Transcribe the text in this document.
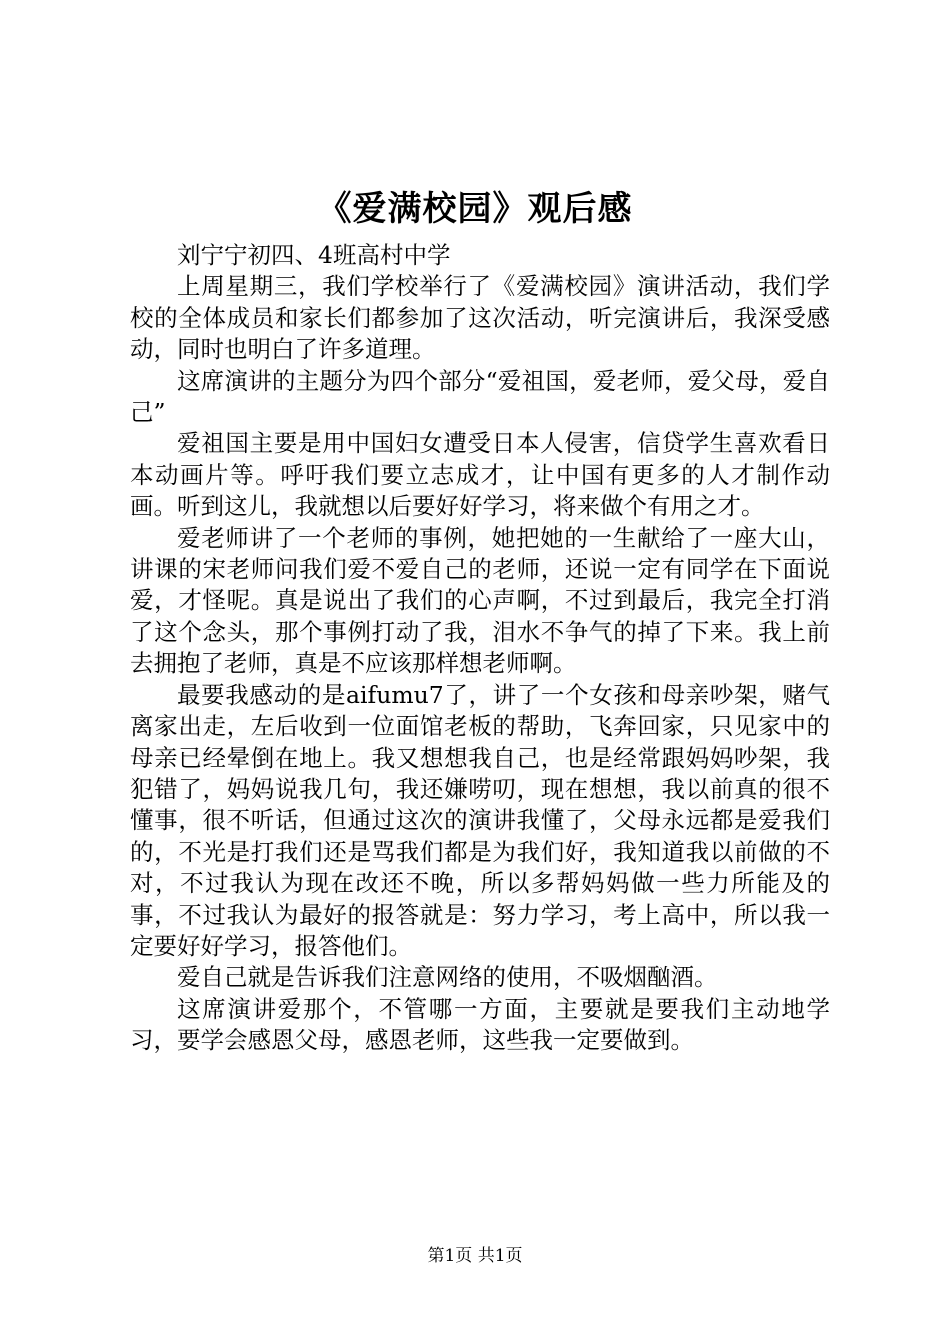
《爱满校园》观后感

刘宁宁初四、4班高村中学

上周星期三，我们学校举行了《爱满校园》演讲活动，我们学校的全体成员和家长们都参加了这次活动，听完演讲后，我深受感动，同时也明白了许多道理。

这席演讲的主题分为四个部分“爱祖国，爱老师，爱父母，爱自己”

爱祖国主要是用中国妇女遭受日本人侵害，信贷学生喜欢看日本动画片等。呼吁我们要立志成才，让中国有更多的人才制作动画。听到这儿，我就想以后要好好学习，将来做个有用之才。

爱老师讲了一个老师的事例，她把她的一生献给了一座大山，讲课的宋老师问我们爱不爱自己的老师，还说一定有同学在下面说爱，才怪呢。真是说出了我们的心声啊，不过到最后，我完全打消了这个念头，那个事例打动了我，泪水不争气的掉了下来。我上前去拥抱了老师，真是不应该那样想老师啊。

最要我感动的是aifumu7了，讲了一个女孩和母亲吵架，赌气离家出走，左后收到一位面馆老板的帮助，飞奔回家，只见家中的母亲已经晕倒在地上。我又想想我自己，也是经常跟妈妈吵架，我犯错了，妈妈说我几句，我还嫌唠叨，现在想想，我以前真的很不懂事，很不听话，但通过这次的演讲我懂了，父母永远都是爱我们的，不光是打我们还是骂我们都是为我们好，我知道我以前做的不对，不过我认为现在改还不晚，所以多帮妈妈做一些力所能及的事，不过我认为最好的报答就是：努力学习，考上高中，所以我一定要好好学习，报答他们。

爱自己就是告诉我们注意网络的使用，不吸烟酗酒。

这席演讲爱那个，不管哪一方面，主要就是要我们主动地学习，要学会感恩父母，感恩老师，这些我一定要做到。

第1页 共1页
